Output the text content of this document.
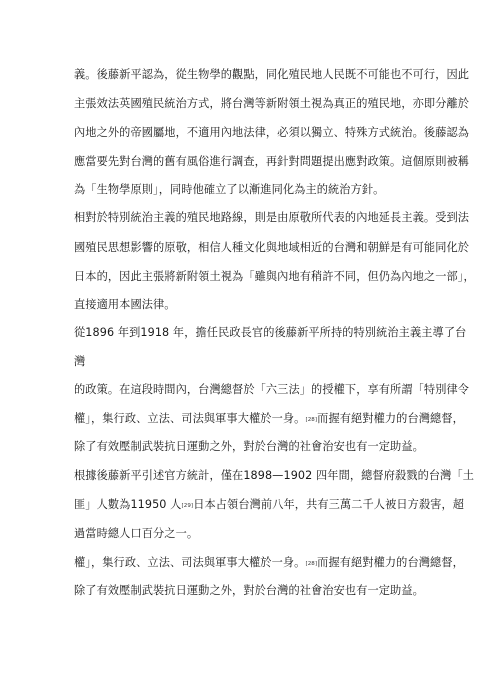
義。後藤新平認為，從生物學的觀點，同化殖民地人民既不可能也不可行，因此
主張效法英國殖民統治方式，將台灣等新附領土視為真正的殖民地，亦即分離於
內地之外的帝國屬地，不適用內地法律，必須以獨立、特殊方式統治。後藤認為
應當要先對台灣的舊有風俗進行調查，再針對問題提出應對政策。這個原則被稱
為「生物學原則」，同時他確立了以漸進同化為主的統治方針。
相對於特別統治主義的殖民地路線，則是由原敬所代表的內地延長主義。受到法
國殖民思想影響的原敬，相信人種文化與地域相近的台灣和朝鮮是有可能同化於
日本的，因此主張將新附領土視為「雖與內地有稍許不同，但仍為內地之一部」，
直接適用本國法律。
從1896 年到1918 年，擔任民政長官的後藤新平所持的特別統治主義主導了台
灣
的政策。在這段時間內，台灣總督於「六三法」的授權下，享有所謂「特別律令
權」，集行政、立法、司法與軍事大權於一身。[28]而握有絕對權力的台灣總督，
除了有效壓制武裝抗日運動之外，對於台灣的社會治安也有一定助益。
根據後藤新平引述官方統計，僅在1898—1902 四年間，總督府殺戮的台灣「土
匪」人數為11950 人[29]日本占領台灣前八年，共有三萬二千人被日方殺害，超
過當時總人口百分之一。
權」，集行政、立法、司法與軍事大權於一身。[28]而握有絕對權力的台灣總督，
除了有效壓制武裝抗日運動之外，對於台灣的社會治安也有一定助益。
